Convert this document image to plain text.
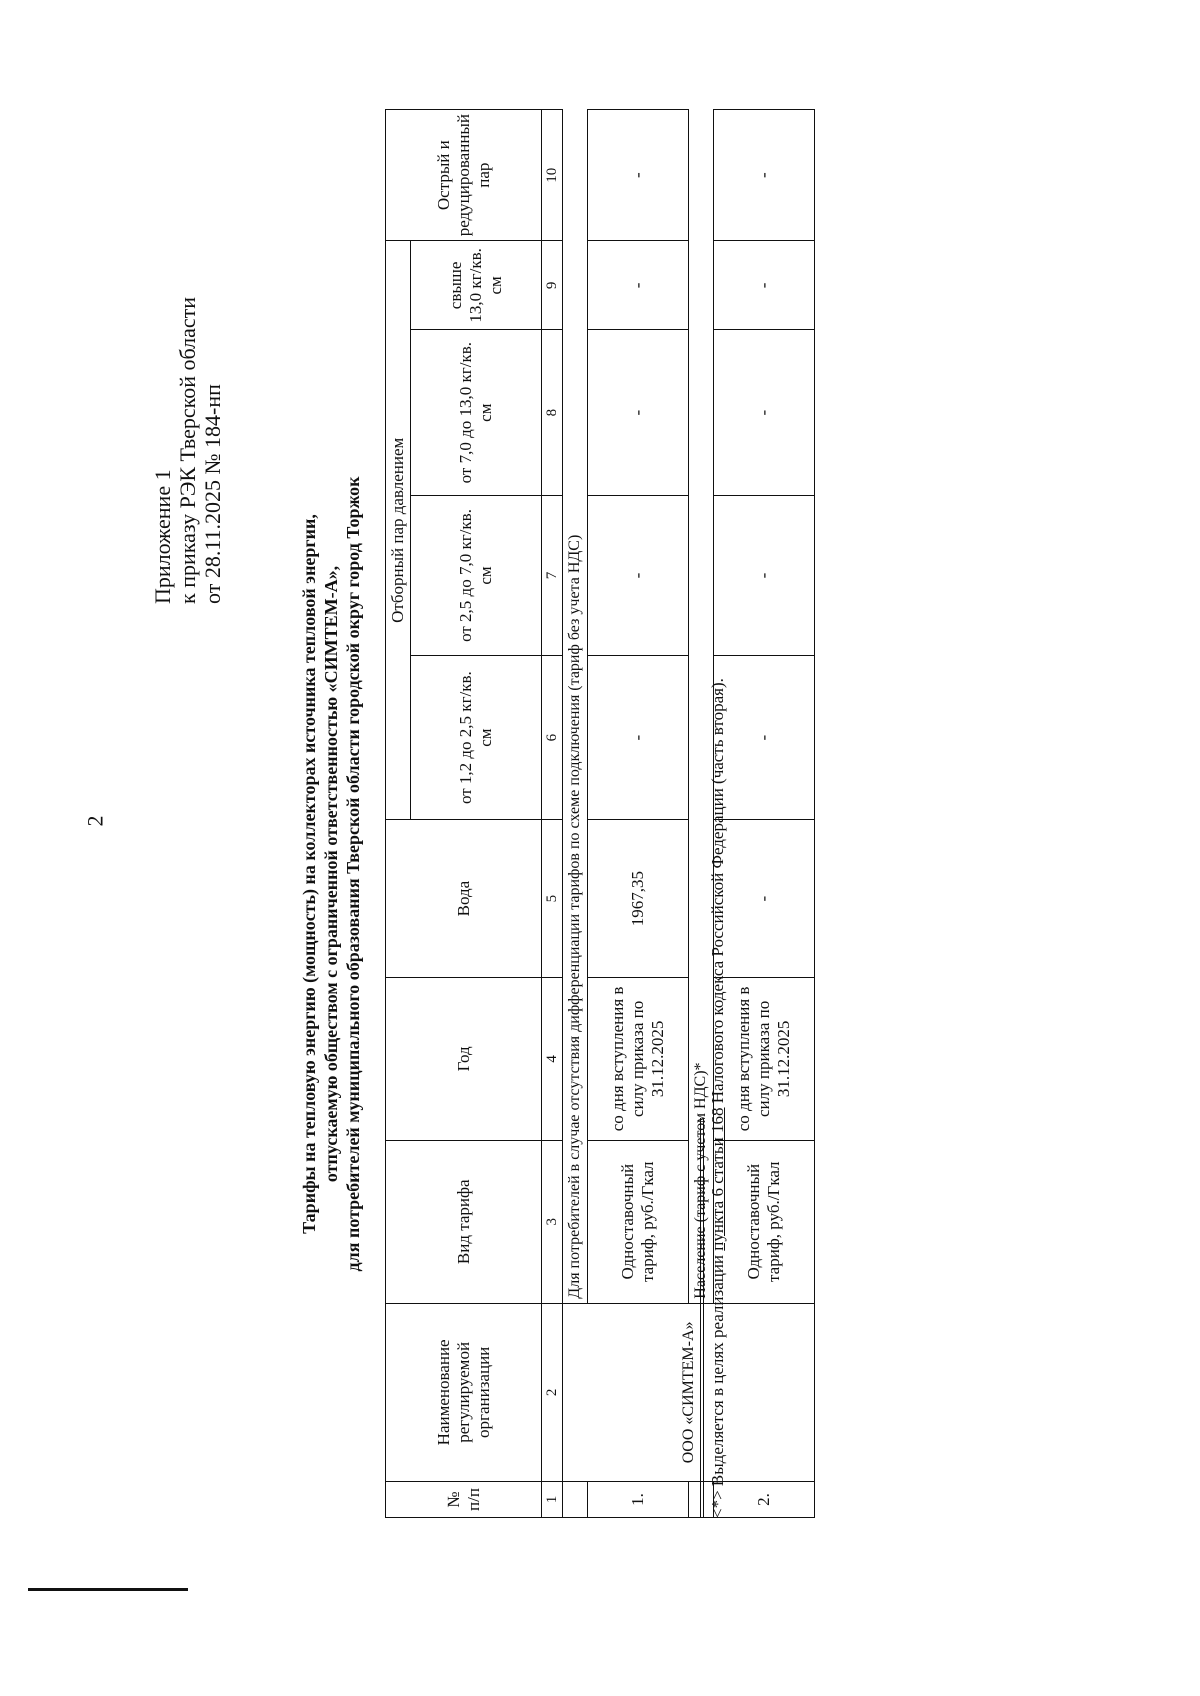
2
Приложение 1 к приказу РЭК Тверской области от 28.11.2025 № 184-нп
Тарифы на тепловую энергию (мощность) на коллекторах источника тепловой энергии, отпускаемую обществом с ограниченной ответственностью «СИМТЕМ-А», для потребителей муниципального образования Тверской области городской округ город Торжок
№ п/п	Наименование регулируемой организации	Вид тарифа	Год	Вода	Отборный пар давлением				Острый и редуцированный пар
					от 1,2 до 2,5 кг/кв. см	от 2,5 до 7,0 кг/кв. см	от 7,0 до 13,0 кг/кв. см	свыше 13,0 кг/кв. см	
1	2	3	4	5	6	7	8	9	10
	ООО «СИМТЕМ-А»	Для потребителей в случае отсутствия дифференциации тарифов по схеме подключения (тариф без учета НДС)							
1.		Одноставочный тариф, руб./Гкал	со дня вступления в силу приказа по 31.12.2025	1967,35	-	-	-	-	-
		Население (тариф с учетом НДС)*							
2.		Одноставочный тариф, руб./Гкал	со дня вступления в силу приказа по 31.12.2025	-	-	-	-	-	-
<*> Выделяется в целях реализации пункта 6 статьи 168 Налогового кодекса Российской Федерации (часть вторая).
